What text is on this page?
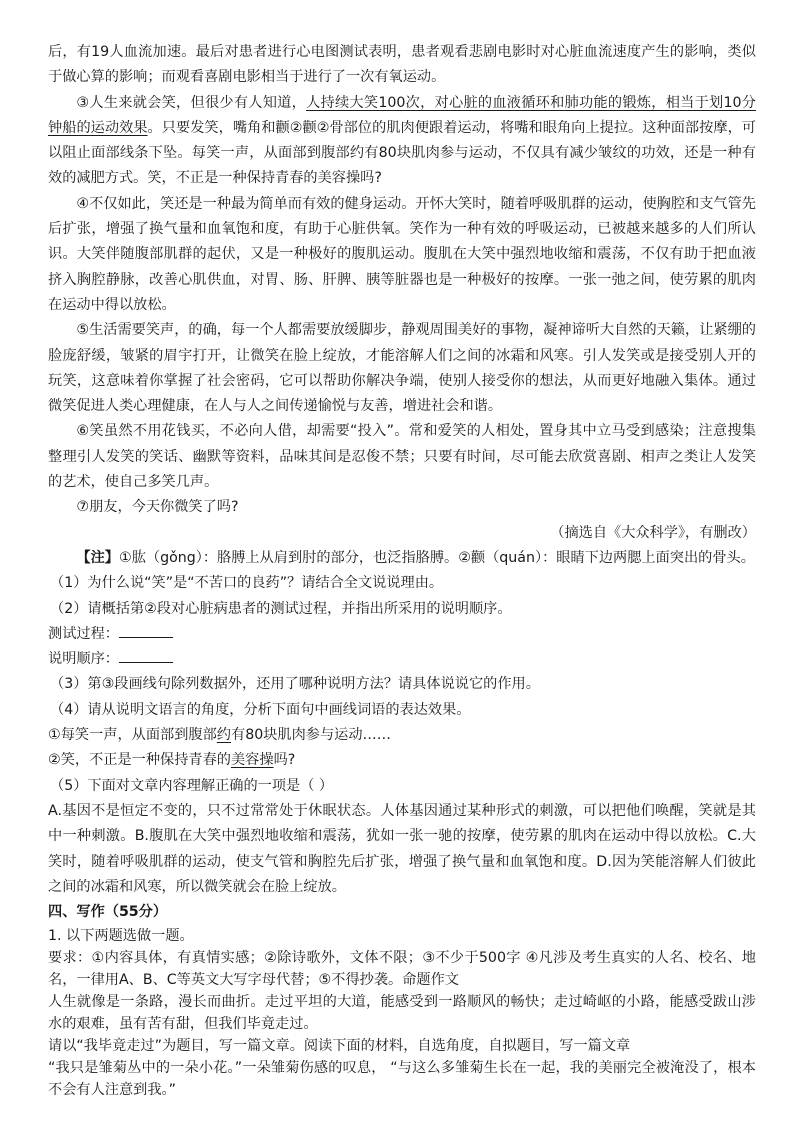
后，有19人血流加速。最后对患者进行心电图测试表明，患者观看悲剧电影时对心脏血流速度产生的影响，类似于做心算的影响；而观看喜剧电影相当于进行了一次有氧运动。

③人生来就会笑，但很少有人知道，人持续大笑100次，对心脏的血液循环和肺功能的锻炼，相当于划10分钟船的运动效果。只要发笑，嘴角和颧②颧②骨部位的肌肉便跟着运动，将嘴和眼角向上提拉。这种面部按摩，可以阻止面部线条下坠。每笑一声，从面部到腹部约有80块肌肉参与运动，不仅具有减少皱纹的功效，还是一种有效的减肥方式。笑，不正是一种保持青春的美容操吗?

④不仅如此，笑还是一种最为简单而有效的健身运动。开怀大笑时，随着呼吸肌群的运动，使胸腔和支气管先后扩张，增强了换气量和血氧饱和度，有助于心脏供氧。笑作为一种有效的呼吸运动，已被越来越多的人们所认识。大笑伴随腹部肌群的起伏，又是一种极好的腹肌运动。腹肌在大笑中强烈地收缩和震荡，不仅有助于把血液挤入胸腔静脉，改善心肌供血，对胃、肠、肝脾、胰等脏器也是一种极好的按摩。一张一弛之间，使劳累的肌肉在运动中得以放松。

⑤生活需要笑声，的确，每一个人都需要放缓脚步，静观周围美好的事物，凝神谛听大自然的天籁，让紧绷的脸庞舒缓，皱紧的眉宇打开，让微笑在脸上绽放，才能溶解人们之间的冰霜和风寒。引人发笑或是接受别人开的玩笑，这意味着你掌握了社会密码，它可以帮助你解决争端，使别人接受你的想法，从而更好地融入集体。通过微笑促进人类心理健康，在人与人之间传递愉悦与友善，增进社会和谐。

⑥笑虽然不用花钱买，不必向人借，却需要“投入”。常和爱笑的人相处，置身其中立马受到感染；注意搜集整理引人发笑的笑话、幽默等资料，品味其间是忍俊不禁；只要有时间，尽可能去欣赏喜剧、相声之类让人发笑的艺术，使自己多笑几声。

⑦朋友，今天你微笑了吗?

（摘选自《大众科学》，有删改）

【注】①肱（gǒng）：胳膊上从肩到肘的部分，也泛指胳膊。②颧（quán）：眼睛下边两腮上面突出的骨头。

（1）为什么说“笑”是“不苦口的良药”？请结合全文说说理由。

（2）请概括第②段对心脏病患者的测试过程，并指出所采用的说明顺序。

测试过程：

说明顺序：

（3）第③段画线句除列数据外，还用了哪种说明方法？请具体说说它的作用。

（4）请从说明文语言的角度，分析下面句中画线词语的表达效果。

①每笑一声，从面部到腹部约有80块肌肉参与运动……

②笑，不正是一种保持青春的美容操吗?

（5）下面对文章内容理解正确的一项是（ ）

A.基因不是恒定不变的，只不过常常处于休眠状态。人体基因通过某种形式的刺激，可以把他们唤醒，笑就是其中一种刺激。B.腹肌在大笑中强烈地收缩和震荡，犹如一张一驰的按摩，使劳累的肌肉在运动中得以放松。C.大笑时，随着呼吸肌群的运动，使支气管和胸腔先后扩张，增强了换气量和血氧饱和度。D.因为笑能溶解人们彼此之间的冰霜和风寒，所以微笑就会在脸上绽放。

四、写作（55分）

1. 以下两题选做一题。

要求：①内容具体，有真情实感；②除诗歌外，文体不限；③不少于500字 ④凡涉及考生真实的人名、校名、地名，一律用A、B、C等英文大写字母代替；⑤不得抄袭。命题作文

人生就像是一条路，漫长而曲折。走过平坦的大道，能感受到一路顺风的畅快；走过崎岖的小路，能感受跋山涉水的艰难，虽有苦有甜，但我们毕竟走过。

请以“我毕竟走过”为题目，写一篇文章。阅读下面的材料，自选角度，自拟题目，写一篇文章

“我只是雏菊丛中的一朵小花。”一朵雏菊伤感的叹息， “与这么多雏菊生长在一起，我的美丽完全被淹没了，根本不会有人注意到我。”
